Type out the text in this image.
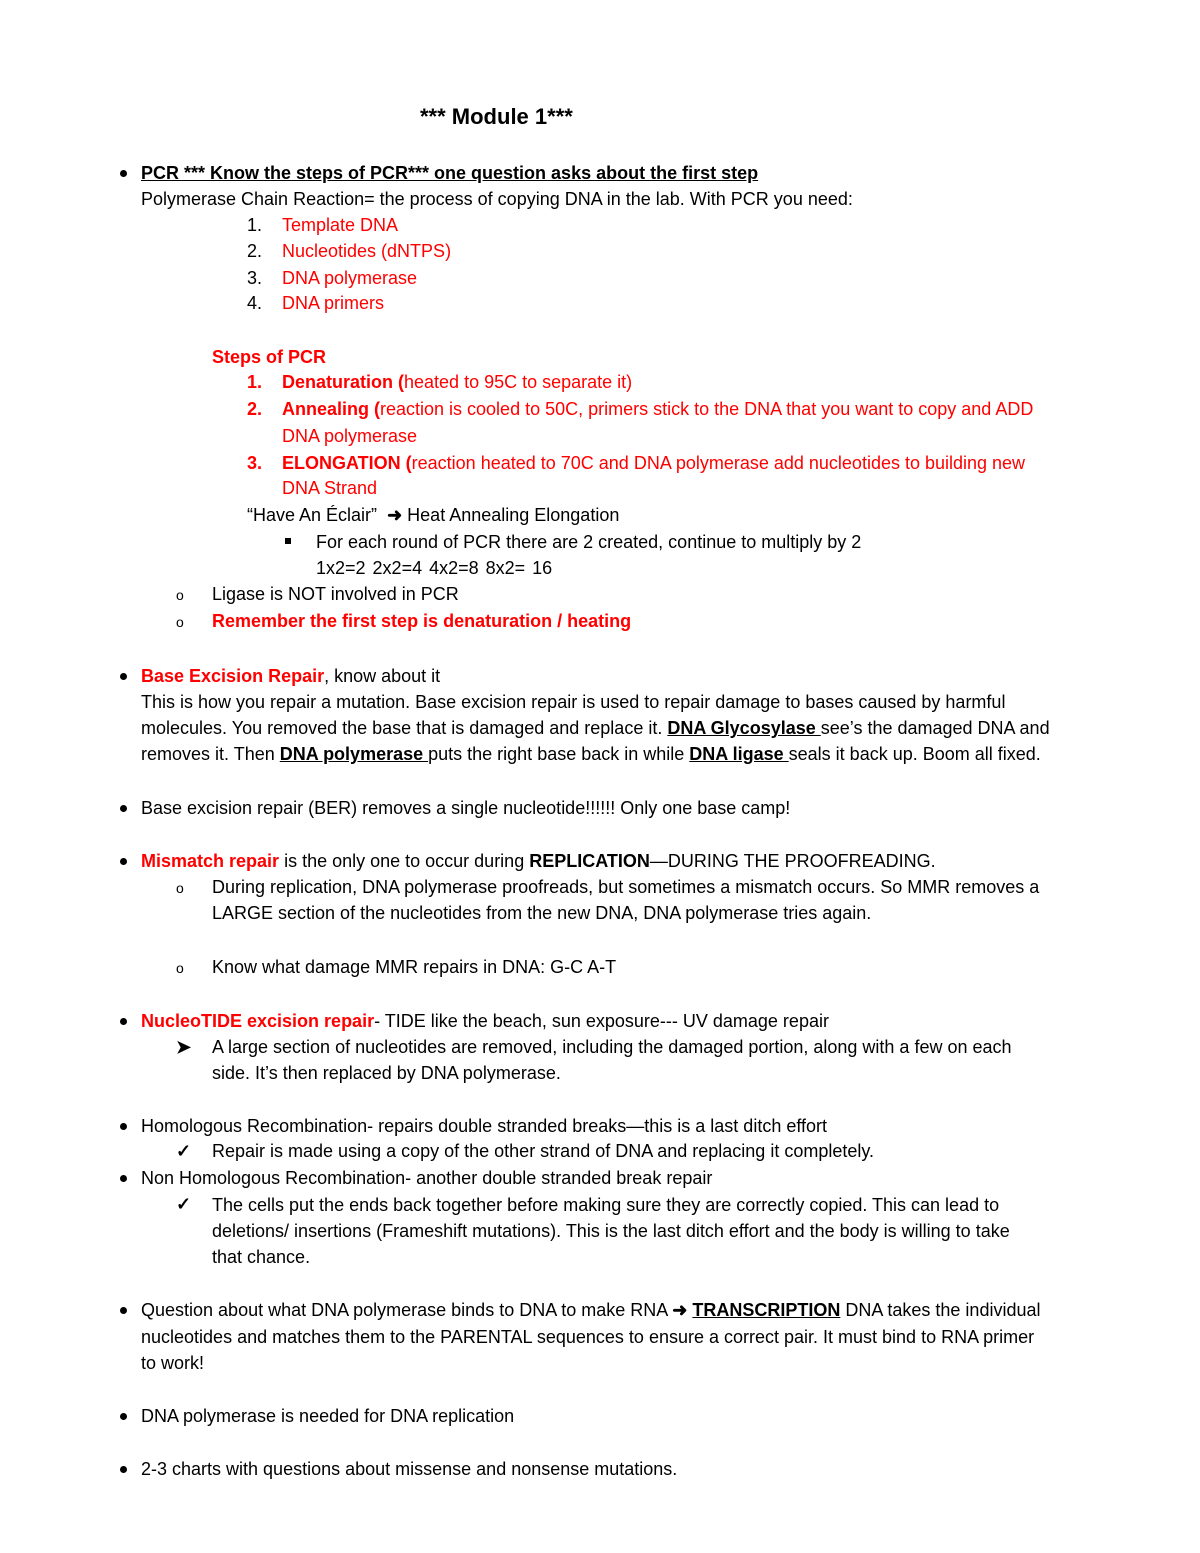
*** Module 1***
PCR *** Know the steps of PCR*** one question asks about the first step
Polymerase Chain Reaction= the process of copying DNA in the lab. With PCR you need:
1. Template DNA
2. Nucleotides (dNTPS)
3. DNA polymerase
4. DNA primers
Steps of PCR
1. Denaturation (heated to 95C to separate it)
2. Annealing (reaction is cooled to 50C, primers stick to the DNA that you want to copy and ADD
DNA polymerase
3. ELONGATION (reaction heated to 70C and DNA polymerase add nucleotides to building new
DNA Strand
“Have An Éclair” ➜ Heat Annealing Elongation
For each round of PCR there are 2 created, continue to multiply by 2
1x2=2 2x2=4 4x2=8 8x2= 16
o Ligase is NOT involved in PCR
o Remember the first step is denaturation / heating
Base Excision Repair, know about it
This is how you repair a mutation. Base excision repair is used to repair damage to bases caused by harmful
molecules. You removed the base that is damaged and replace it. DNA Glycosylase see’s the damaged DNA and
removes it. Then DNA polymerase puts the right base back in while DNA ligase seals it back up. Boom all fixed.
Base excision repair (BER) removes a single nucleotide!!!!!! Only one base camp!
Mismatch repair is the only one to occur during REPLICATION—DURING THE PROOFREADING.
o During replication, DNA polymerase proofreads, but sometimes a mismatch occurs. So MMR removes a
LARGE section of the nucleotides from the new DNA, DNA polymerase tries again.
o Know what damage MMR repairs in DNA: G-C A-T
NucleoTIDE excision repair- TIDE like the beach, sun exposure--- UV damage repair
➤ A large section of nucleotides are removed, including the damaged portion, along with a few on each
side. It’s then replaced by DNA polymerase.
Homologous Recombination- repairs double stranded breaks—this is a last ditch effort
✓ Repair is made using a copy of the other strand of DNA and replacing it completely.
Non Homologous Recombination- another double stranded break repair
✓ The cells put the ends back together before making sure they are correctly copied. This can lead to
deletions/ insertions (Frameshift mutations). This is the last ditch effort and the body is willing to take
that chance.
Question about what DNA polymerase binds to DNA to make RNA ➜ TRANSCRIPTION DNA takes the individual
nucleotides and matches them to the PARENTAL sequences to ensure a correct pair. It must bind to RNA primer
to work!
DNA polymerase is needed for DNA replication
2-3 charts with questions about missense and nonsense mutations.
